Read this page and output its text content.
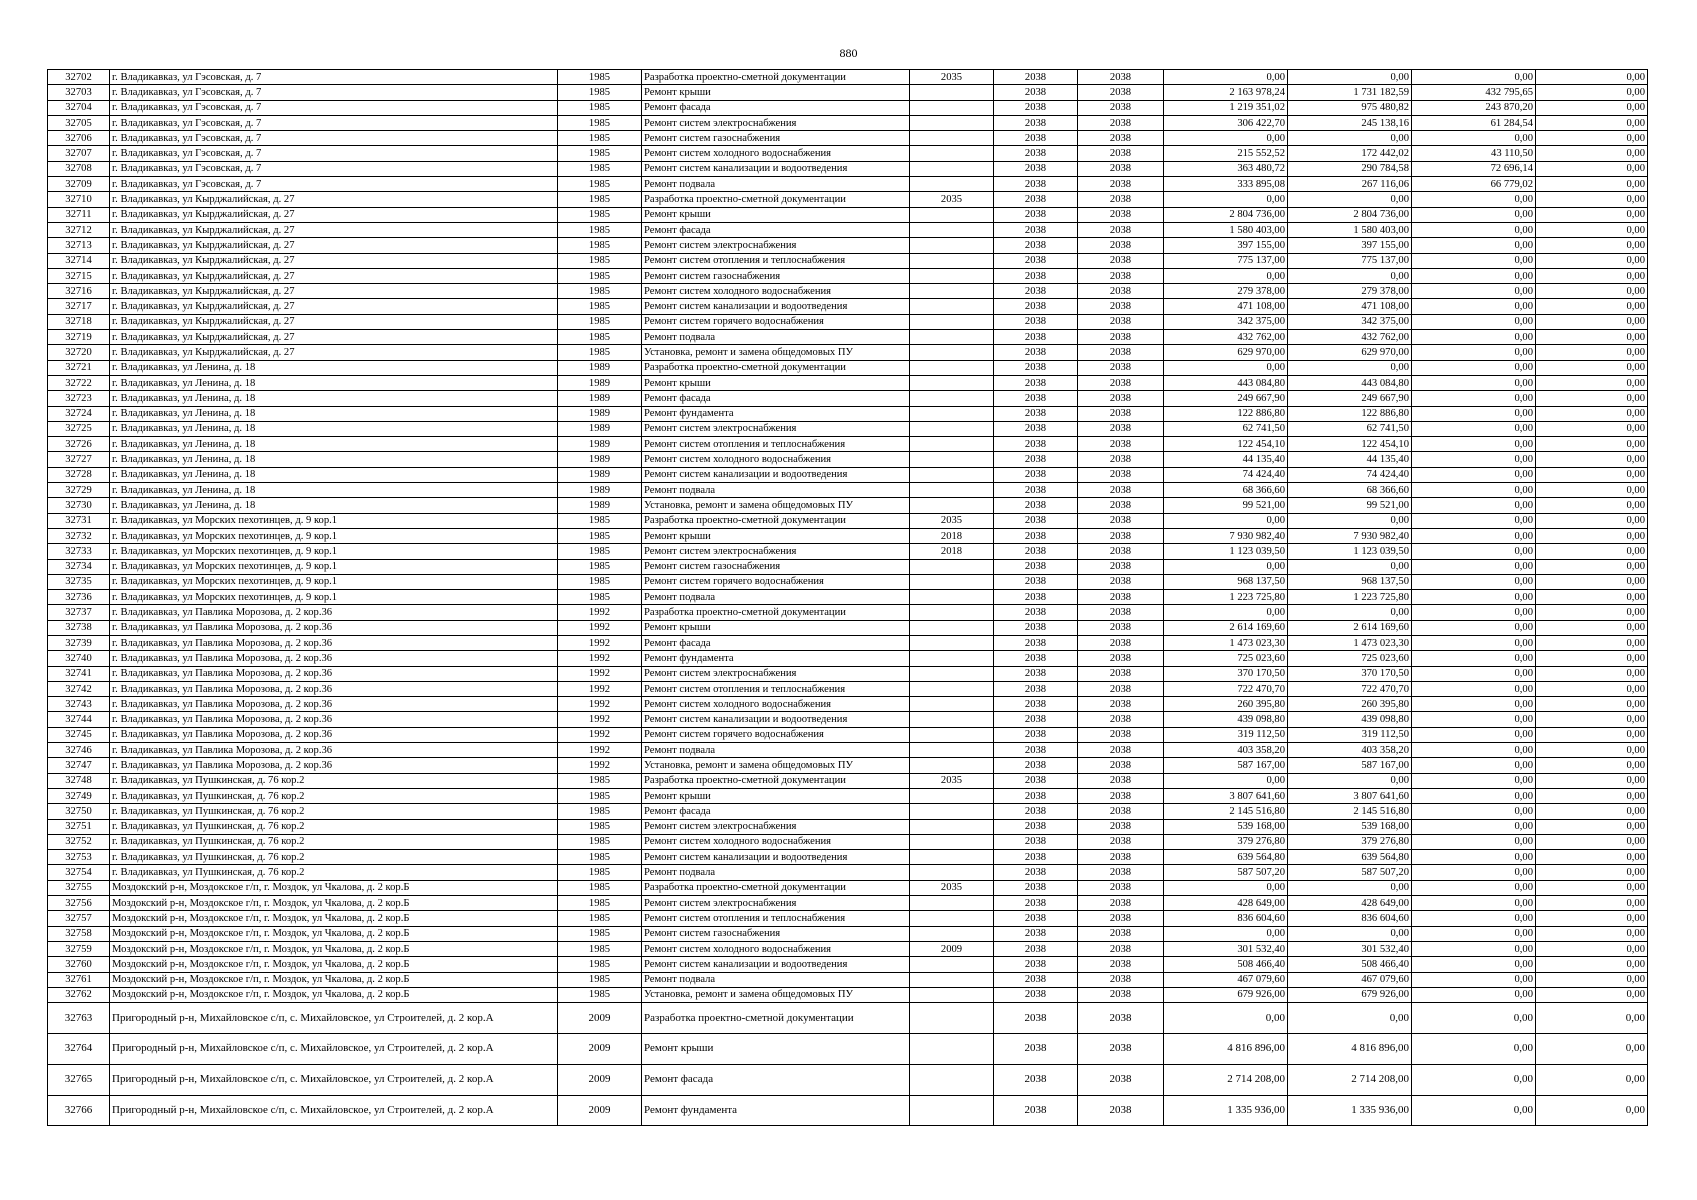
880
32702	г. Владикавказ, ул Гэсовская, д. 7	1985	Разработка проектно-сметной документации	2035	2038	2038	0,00	0,00	0,00	0,00
32703	г. Владикавказ, ул Гэсовская, д. 7	1985	Ремонт крыши		2038	2038	2 163 978,24	1 731 182,59	432 795,65	0,00
32704	г. Владикавказ, ул Гэсовская, д. 7	1985	Ремонт фасада		2038	2038	1 219 351,02	975 480,82	243 870,20	0,00
32705	г. Владикавказ, ул Гэсовская, д. 7	1985	Ремонт систем электроснабжения		2038	2038	306 422,70	245 138,16	61 284,54	0,00
32706	г. Владикавказ, ул Гэсовская, д. 7	1985	Ремонт систем газоснабжения		2038	2038	0,00	0,00	0,00	0,00
32707	г. Владикавказ, ул Гэсовская, д. 7	1985	Ремонт систем холодного водоснабжения		2038	2038	215 552,52	172 442,02	43 110,50	0,00
32708	г. Владикавказ, ул Гэсовская, д. 7	1985	Ремонт систем канализации и водоотведения		2038	2038	363 480,72	290 784,58	72 696,14	0,00
32709	г. Владикавказ, ул Гэсовская, д. 7	1985	Ремонт подвала		2038	2038	333 895,08	267 116,06	66 779,02	0,00
32710	г. Владикавказ, ул Кырджалийская, д. 27	1985	Разработка проектно-сметной документации	2035	2038	2038	0,00	0,00	0,00	0,00
32711	г. Владикавказ, ул Кырджалийская, д. 27	1985	Ремонт крыши		2038	2038	2 804 736,00	2 804 736,00	0,00	0,00
32712	г. Владикавказ, ул Кырджалийская, д. 27	1985	Ремонт фасада		2038	2038	1 580 403,00	1 580 403,00	0,00	0,00
32713	г. Владикавказ, ул Кырджалийская, д. 27	1985	Ремонт систем электроснабжения		2038	2038	397 155,00	397 155,00	0,00	0,00
32714	г. Владикавказ, ул Кырджалийская, д. 27	1985	Ремонт систем отопления и теплоснабжения		2038	2038	775 137,00	775 137,00	0,00	0,00
32715	г. Владикавказ, ул Кырджалийская, д. 27	1985	Ремонт систем газоснабжения		2038	2038	0,00	0,00	0,00	0,00
32716	г. Владикавказ, ул Кырджалийская, д. 27	1985	Ремонт систем холодного водоснабжения		2038	2038	279 378,00	279 378,00	0,00	0,00
32717	г. Владикавказ, ул Кырджалийская, д. 27	1985	Ремонт систем канализации и водоотведения		2038	2038	471 108,00	471 108,00	0,00	0,00
32718	г. Владикавказ, ул Кырджалийская, д. 27	1985	Ремонт систем горячего водоснабжения		2038	2038	342 375,00	342 375,00	0,00	0,00
32719	г. Владикавказ, ул Кырджалийская, д. 27	1985	Ремонт подвала		2038	2038	432 762,00	432 762,00	0,00	0,00
32720	г. Владикавказ, ул Кырджалийская, д. 27	1985	Установка, ремонт и замена общедомовых ПУ		2038	2038	629 970,00	629 970,00	0,00	0,00
32721	г. Владикавказ, ул Ленина, д. 18	1989	Разработка проектно-сметной документации		2038	2038	0,00	0,00	0,00	0,00
32722	г. Владикавказ, ул Ленина, д. 18	1989	Ремонт крыши		2038	2038	443 084,80	443 084,80	0,00	0,00
32723	г. Владикавказ, ул Ленина, д. 18	1989	Ремонт фасада		2038	2038	249 667,90	249 667,90	0,00	0,00
32724	г. Владикавказ, ул Ленина, д. 18	1989	Ремонт фундамента		2038	2038	122 886,80	122 886,80	0,00	0,00
32725	г. Владикавказ, ул Ленина, д. 18	1989	Ремонт систем электроснабжения		2038	2038	62 741,50	62 741,50	0,00	0,00
32726	г. Владикавказ, ул Ленина, д. 18	1989	Ремонт систем отопления и теплоснабжения		2038	2038	122 454,10	122 454,10	0,00	0,00
32727	г. Владикавказ, ул Ленина, д. 18	1989	Ремонт систем холодного водоснабжения		2038	2038	44 135,40	44 135,40	0,00	0,00
32728	г. Владикавказ, ул Ленина, д. 18	1989	Ремонт систем канализации и водоотведения		2038	2038	74 424,40	74 424,40	0,00	0,00
32729	г. Владикавказ, ул Ленина, д. 18	1989	Ремонт подвала		2038	2038	68 366,60	68 366,60	0,00	0,00
32730	г. Владикавказ, ул Ленина, д. 18	1989	Установка, ремонт и замена общедомовых ПУ		2038	2038	99 521,00	99 521,00	0,00	0,00
32731	г. Владикавказ, ул Морских пехотинцев, д. 9 кор.1	1985	Разработка проектно-сметной документации	2035	2038	2038	0,00	0,00	0,00	0,00
32732	г. Владикавказ, ул Морских пехотинцев, д. 9 кор.1	1985	Ремонт крыши	2018	2038	2038	7 930 982,40	7 930 982,40	0,00	0,00
32733	г. Владикавказ, ул Морских пехотинцев, д. 9 кор.1	1985	Ремонт систем электроснабжения	2018	2038	2038	1 123 039,50	1 123 039,50	0,00	0,00
32734	г. Владикавказ, ул Морских пехотинцев, д. 9 кор.1	1985	Ремонт систем газоснабжения		2038	2038	0,00	0,00	0,00	0,00
32735	г. Владикавказ, ул Морских пехотинцев, д. 9 кор.1	1985	Ремонт систем горячего водоснабжения		2038	2038	968 137,50	968 137,50	0,00	0,00
32736	г. Владикавказ, ул Морских пехотинцев, д. 9 кор.1	1985	Ремонт подвала		2038	2038	1 223 725,80	1 223 725,80	0,00	0,00
32737	г. Владикавказ, ул Павлика Морозова, д. 2 кор.36	1992	Разработка проектно-сметной документации		2038	2038	0,00	0,00	0,00	0,00
32738	г. Владикавказ, ул Павлика Морозова, д. 2 кор.36	1992	Ремонт крыши		2038	2038	2 614 169,60	2 614 169,60	0,00	0,00
32739	г. Владикавказ, ул Павлика Морозова, д. 2 кор.36	1992	Ремонт фасада		2038	2038	1 473 023,30	1 473 023,30	0,00	0,00
32740	г. Владикавказ, ул Павлика Морозова, д. 2 кор.36	1992	Ремонт фундамента		2038	2038	725 023,60	725 023,60	0,00	0,00
32741	г. Владикавказ, ул Павлика Морозова, д. 2 кор.36	1992	Ремонт систем электроснабжения		2038	2038	370 170,50	370 170,50	0,00	0,00
32742	г. Владикавказ, ул Павлика Морозова, д. 2 кор.36	1992	Ремонт систем отопления и теплоснабжения		2038	2038	722 470,70	722 470,70	0,00	0,00
32743	г. Владикавказ, ул Павлика Морозова, д. 2 кор.36	1992	Ремонт систем холодного водоснабжения		2038	2038	260 395,80	260 395,80	0,00	0,00
32744	г. Владикавказ, ул Павлика Морозова, д. 2 кор.36	1992	Ремонт систем канализации и водоотведения		2038	2038	439 098,80	439 098,80	0,00	0,00
32745	г. Владикавказ, ул Павлика Морозова, д. 2 кор.36	1992	Ремонт систем горячего водоснабжения		2038	2038	319 112,50	319 112,50	0,00	0,00
32746	г. Владикавказ, ул Павлика Морозова, д. 2 кор.36	1992	Ремонт подвала		2038	2038	403 358,20	403 358,20	0,00	0,00
32747	г. Владикавказ, ул Павлика Морозова, д. 2 кор.36	1992	Установка, ремонт и замена общедомовых ПУ		2038	2038	587 167,00	587 167,00	0,00	0,00
32748	г. Владикавказ, ул Пушкинская, д. 76 кор.2	1985	Разработка проектно-сметной документации	2035	2038	2038	0,00	0,00	0,00	0,00
32749	г. Владикавказ, ул Пушкинская, д. 76 кор.2	1985	Ремонт крыши		2038	2038	3 807 641,60	3 807 641,60	0,00	0,00
32750	г. Владикавказ, ул Пушкинская, д. 76 кор.2	1985	Ремонт фасада		2038	2038	2 145 516,80	2 145 516,80	0,00	0,00
32751	г. Владикавказ, ул Пушкинская, д. 76 кор.2	1985	Ремонт систем электроснабжения		2038	2038	539 168,00	539 168,00	0,00	0,00
32752	г. Владикавказ, ул Пушкинская, д. 76 кор.2	1985	Ремонт систем холодного водоснабжения		2038	2038	379 276,80	379 276,80	0,00	0,00
32753	г. Владикавказ, ул Пушкинская, д. 76 кор.2	1985	Ремонт систем канализации и водоотведения		2038	2038	639 564,80	639 564,80	0,00	0,00
32754	г. Владикавказ, ул Пушкинская, д. 76 кор.2	1985	Ремонт подвала		2038	2038	587 507,20	587 507,20	0,00	0,00
32755	Моздокский р-н, Моздокское г/п, г. Моздок, ул Чкалова, д. 2 кор.Б	1985	Разработка проектно-сметной документации	2035	2038	2038	0,00	0,00	0,00	0,00
32756	Моздокский р-н, Моздокское г/п, г. Моздок, ул Чкалова, д. 2 кор.Б	1985	Ремонт систем электроснабжения		2038	2038	428 649,00	428 649,00	0,00	0,00
32757	Моздокский р-н, Моздокское г/п, г. Моздок, ул Чкалова, д. 2 кор.Б	1985	Ремонт систем отопления и теплоснабжения		2038	2038	836 604,60	836 604,60	0,00	0,00
32758	Моздокский р-н, Моздокское г/п, г. Моздок, ул Чкалова, д. 2 кор.Б	1985	Ремонт систем газоснабжения		2038	2038	0,00	0,00	0,00	0,00
32759	Моздокский р-н, Моздокское г/п, г. Моздок, ул Чкалова, д. 2 кор.Б	1985	Ремонт систем холодного водоснабжения	2009	2038	2038	301 532,40	301 532,40	0,00	0,00
32760	Моздокский р-н, Моздокское г/п, г. Моздок, ул Чкалова, д. 2 кор.Б	1985	Ремонт систем канализации и водоотведения		2038	2038	508 466,40	508 466,40	0,00	0,00
32761	Моздокский р-н, Моздокское г/п, г. Моздок, ул Чкалова, д. 2 кор.Б	1985	Ремонт подвала		2038	2038	467 079,60	467 079,60	0,00	0,00
32762	Моздокский р-н, Моздокское г/п, г. Моздок, ул Чкалова, д. 2 кор.Б	1985	Установка, ремонт и замена общедомовых ПУ		2038	2038	679 926,00	679 926,00	0,00	0,00
32763	Пригородный р-н, Михайловское с/п, с. Михайловское, ул Строителей, д. 2 кор.А	2009	Разработка проектно-сметной документации		2038	2038	0,00	0,00	0,00	0,00
32764	Пригородный р-н, Михайловское с/п, с. Михайловское, ул Строителей, д. 2 кор.А	2009	Ремонт крыши		2038	2038	4 816 896,00	4 816 896,00	0,00	0,00
32765	Пригородный р-н, Михайловское с/п, с. Михайловское, ул Строителей, д. 2 кор.А	2009	Ремонт фасада		2038	2038	2 714 208,00	2 714 208,00	0,00	0,00
32766	Пригородный р-н, Михайловское с/п, с. Михайловское, ул Строителей, д. 2 кор.А	2009	Ремонт фундамента		2038	2038	1 335 936,00	1 335 936,00	0,00	0,00
